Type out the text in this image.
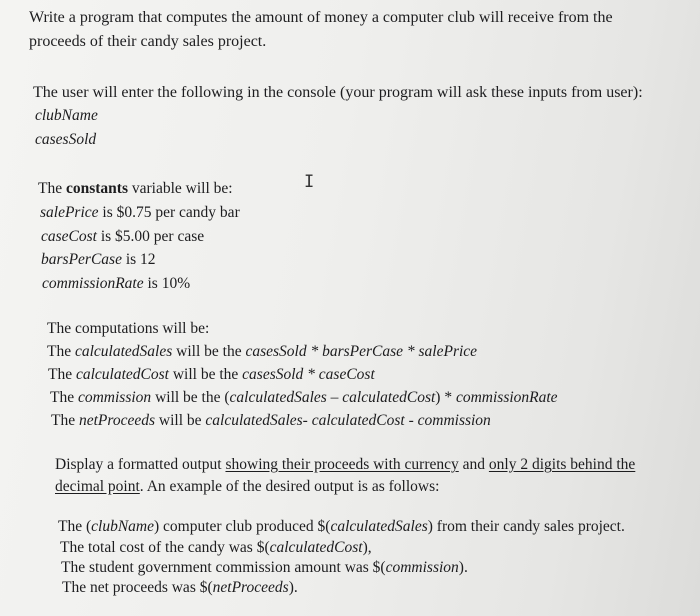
Write a program that computes the amount of money a computer club will receive from the
proceeds of their candy sales project.
The user will enter the following in the console (your program will ask these inputs from user):
clubName
casesSold
I
The constants variable will be:
salePrice is $0.75 per candy bar
caseCost is $5.00 per case
barsPerCase is 12
commissionRate is 10%
The computations will be:
The calculatedSales will be the casesSold * barsPerCase * salePrice
The calculatedCost will be the casesSold * caseCost
The commission will be the (calculatedSales – calculatedCost) * commissionRate
The netProceeds will be calculatedSales- calculatedCost - commission
Display a formatted output showing their proceeds with currency and only 2 digits behind the
decimal point. An example of the desired output is as follows:
The (clubName) computer club produced $(calculatedSales) from their candy sales project.
The total cost of the candy was $(calculatedCost),
The student government commission amount was $(commission).
The net proceeds was $(netProceeds).
